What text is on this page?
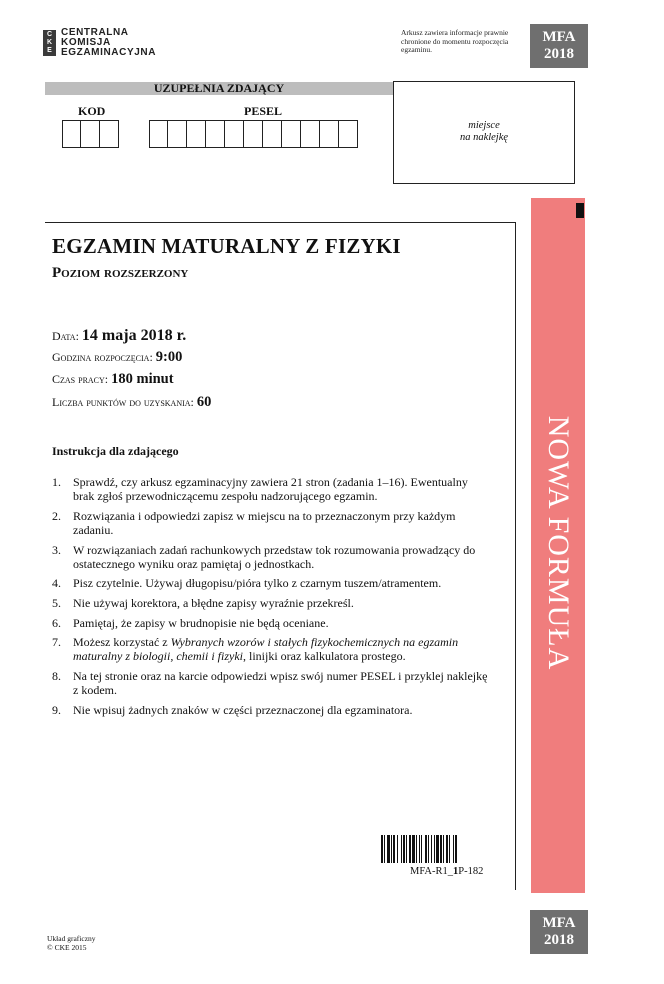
C
K
E
CENTRALNA
KOMISJA
EGZAMINACYJNA
Arkusz zawiera informacje prawnie chronione do momentu rozpoczęcia egzaminu.
MFA
2018
UZUPEŁNIA ZDAJĄCY
KOD	PESEL
miejsce
na naklejkę
NOWA FORMUŁA
EGZAMIN MATURALNY Z FIZYKI
Poziom rozszerzony
Data: 14 maja 2018 r.
Godzina rozpoczęcia: 9:00
Czas pracy: 180 minut
Liczba punktów do uzyskania: 60
Instrukcja dla zdającego
1. Sprawdź, czy arkusz egzaminacyjny zawiera 21 stron (zadania 1–16). Ewentualny brak zgłoś przewodniczącemu zespołu nadzorującego egzamin.
2. Rozwiązania i odpowiedzi zapisz w miejscu na to przeznaczonym przy każdym zadaniu.
3. W rozwiązaniach zadań rachunkowych przedstaw tok rozumowania prowadzący do ostatecznego wyniku oraz pamiętaj o jednostkach.
4. Pisz czytelnie. Używaj długopisu/pióra tylko z czarnym tuszem/atramentem.
5. Nie używaj korektora, a błędne zapisy wyraźnie przekreśl.
6. Pamiętaj, że zapisy w brudnopisie nie będą oceniane.
7. Możesz korzystać z Wybranych wzorów i stałych fizykochemicznych na egzamin maturalny z biologii, chemii i fizyki, linijki oraz kalkulatora prostego.
8. Na tej stronie oraz na karcie odpowiedzi wpisz swój numer PESEL i przyklej naklejkę z kodem.
9. Nie wpisuj żadnych znaków w części przeznaczonej dla egzaminatora.
MFA-R1_1P-182
Układ graficzny
© CKE 2015
MFA
2018
